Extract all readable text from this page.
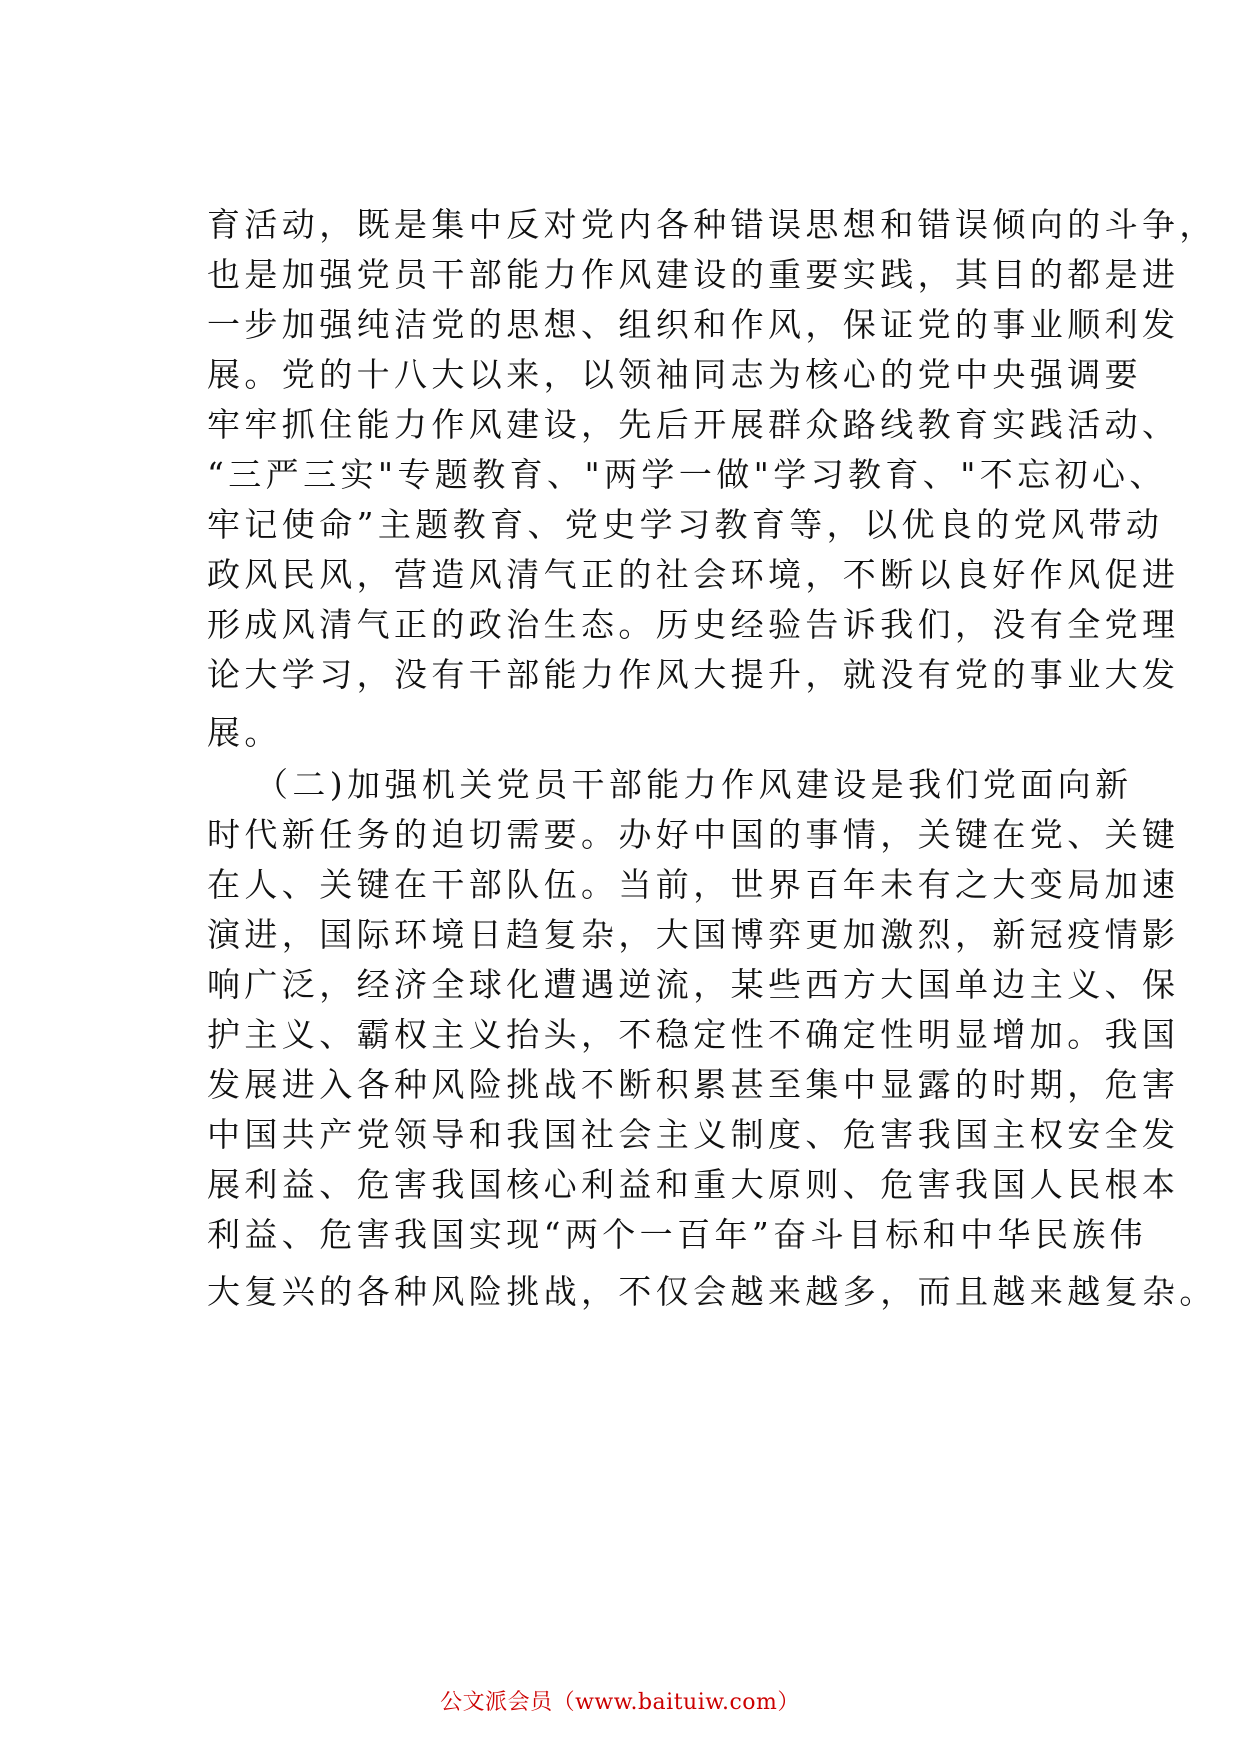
育活动，既是集中反对党内各种错误思想和错误倾向的斗争，
也是加强党员干部能力作风建设的重要实践，其目的都是进
一步加强纯洁党的思想、组织和作风，保证党的事业顺利发
展。党的十八大以来，以领袖同志为核心的党中央强调要
牢牢抓住能力作风建设，先后开展群众路线教育实践活动、
“三严三实"专题教育、"两学一做"学习教育、"不忘初心、
牢记使命”主题教育、党史学习教育等，以优良的党风带动
政风民风，营造风清气正的社会环境，不断以良好作风促进
形成风清气正的政治生态。历史经验告诉我们，没有全党理
论大学习，没有干部能力作风大提升，就没有党的事业大发
展。
（二)加强机关党员干部能力作风建设是我们党面向新
时代新任务的迫切需要。办好中国的事情，关键在党、关键
在人、关键在干部队伍。当前，世界百年未有之大变局加速
演进，国际环境日趋复杂，大国博弈更加激烈，新冠疫情影
响广泛，经济全球化遭遇逆流，某些西方大国单边主义、保
护主义、霸权主义抬头，不稳定性不确定性明显增加。我国
发展进入各种风险挑战不断积累甚至集中显露的时期，危害
中国共产党领导和我国社会主义制度、危害我国主权安全发
展利益、危害我国核心利益和重大原则、危害我国人民根本
利益、危害我国实现“两个一百年”奋斗目标和中华民族伟
大复兴的各种风险挑战，不仅会越来越多，而且越来越复杂。
公文派会员（www.baituiw.com）
